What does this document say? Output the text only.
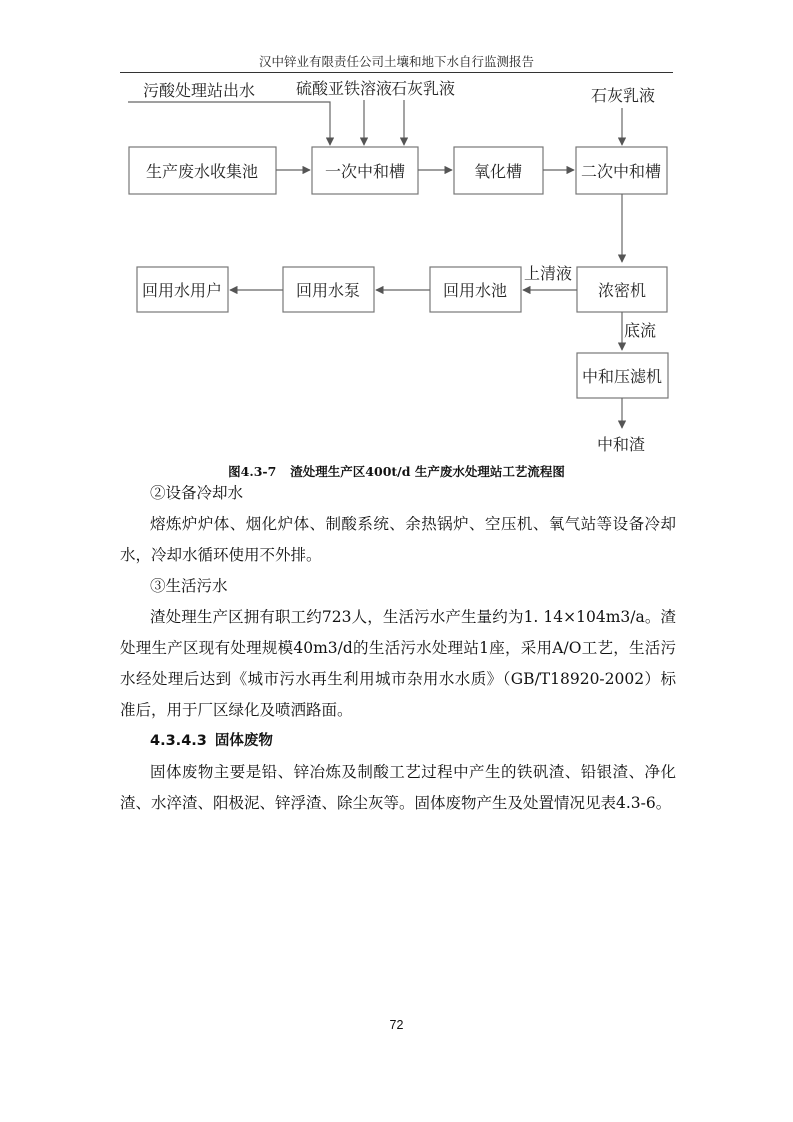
汉中锌业有限责任公司土壤和地下水自行监测报告
污酸处理站出水	硫酸亚铁溶液
石灰乳液	石灰乳液
生产废水收集池	一次中和槽	氧化槽	二次中和槽
回用水用户	回用水泵	回用水池	浓密机
上清液
底流
中和压滤机
中和渣
图4.3-7 渣处理生产区400t/d 生产废水处理站工艺流程图

②设备冷却水

熔炼炉炉体、烟化炉体、制酸系统、余热锅炉、空压机、氧气站等设备冷却水，冷却水循环使用不外排。

③生活污水

渣处理生产区拥有职工约723人，生活污水产生量约为1. 14×104m3/a。渣处理生产区现有处理规模40m3/d的生活污水处理站1座，采用A/O工艺，生活污水经处理后达到《城市污水再生利用城市杂用水水质》（GB/T18920-2002）标准后，用于厂区绿化及喷洒路面。

4.3.4.3 固体废物

固体废物主要是铅、锌冶炼及制酸工艺过程中产生的铁矾渣、铅银渣、净化渣、水淬渣、阳极泥、锌浮渣、除尘灰等。固体废物产生及处置情况见表4.3-6。

72
